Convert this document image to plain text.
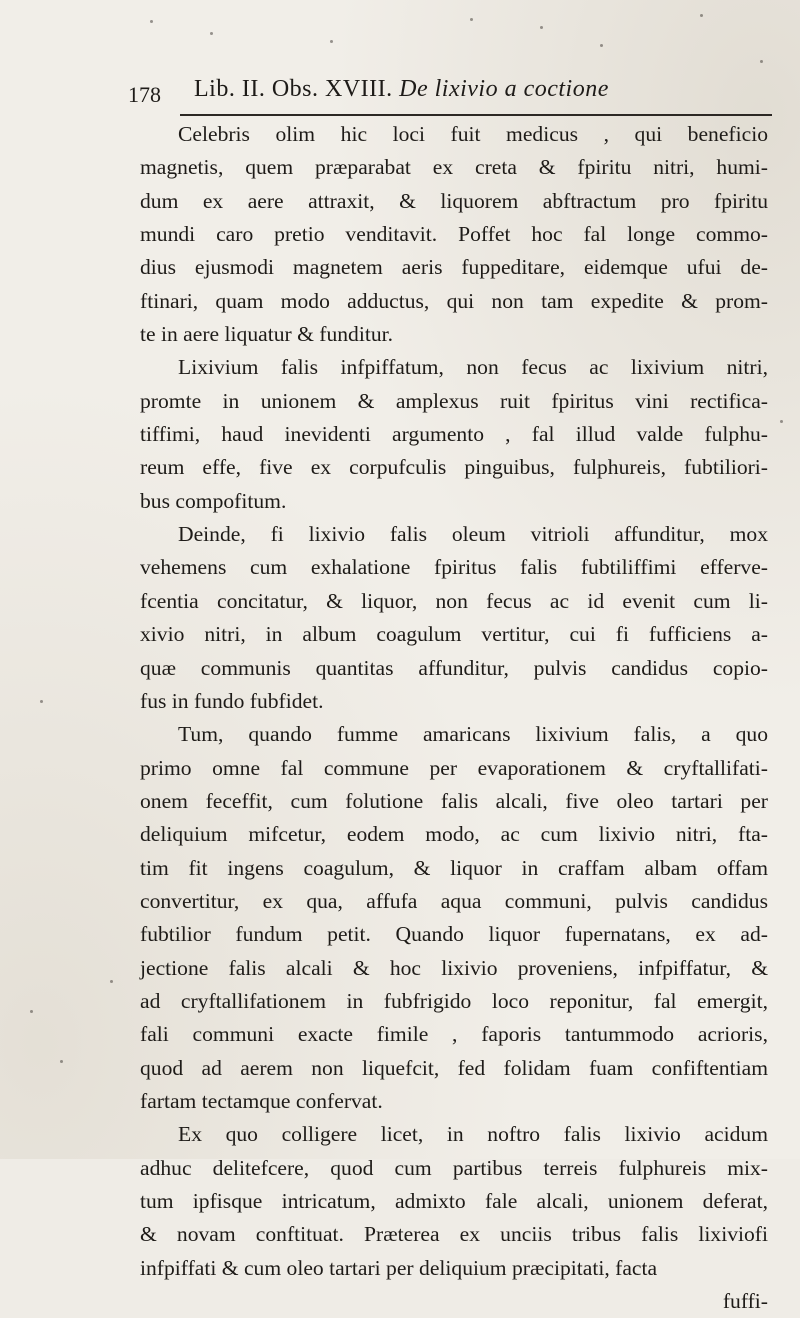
178 Lib. II. Obs. XVIII. De lixivio a coctione
Celebris olim hic loci fuit medicus , qui beneficio
magnetis, quem præparabat ex creta & fpiritu nitri, humi-
dum ex aere attraxit, & liquorem abftractum pro fpiritu
mundi caro pretio venditavit. Poffet hoc fal longe commo-
dius ejusmodi magnetem aeris fuppeditare, eidemque ufui de-
ftinari, quam modo adductus, qui non tam expedite & prom-
te in aere liquatur & funditur.
Lixivium falis infpiffatum, non fecus ac lixivium nitri,
promte in unionem & amplexus ruit fpiritus vini rectifica-
tiffimi, haud inevidenti argumento , fal illud valde fulphu-
reum effe, five ex corpufculis pinguibus, fulphureis, fubtiliori-
bus compofitum.
Deinde, fi lixivio falis oleum vitrioli affunditur, mox
vehemens cum exhalatione fpiritus falis fubtiliffimi efferve-
fcentia concitatur, & liquor, non fecus ac id evenit cum li-
xivio nitri, in album coagulum vertitur, cui fi fufficiens a-
quæ communis quantitas affunditur, pulvis candidus copio-
fus in fundo fubfidet.
Tum, quando fumme amaricans lixivium falis, a quo
primo omne fal commune per evaporationem & cryftallifati-
onem feceffit, cum folutione falis alcali, five oleo tartari per
deliquium mifcetur, eodem modo, ac cum lixivio nitri, fta-
tim fit ingens coagulum, & liquor in craffam albam offam
convertitur, ex qua, affufa aqua communi, pulvis candidus
fubtilior fundum petit. Quando liquor fupernatans, ex ad-
jectione falis alcali & hoc lixivio proveniens, infpiffatur, &
ad cryftallifationem in fubfrigido loco reponitur, fal emergit,
fali communi exacte fimile , faporis tantummodo acrioris,
quod ad aerem non liquefcit, fed folidam fuam confiftentiam
fartam tectamque confervat.
Ex quo colligere licet, in noftro falis lixivio acidum
adhuc delitefcere, quod cum partibus terreis fulphureis mix-
tum ipfisque intricatum, admixto fale alcali, unionem deferat,
& novam conftituat. Præterea ex unciis tribus falis lixiviofi
infpiffati & cum oleo tartari per deliquium præcipitati, facta
fuffi-
